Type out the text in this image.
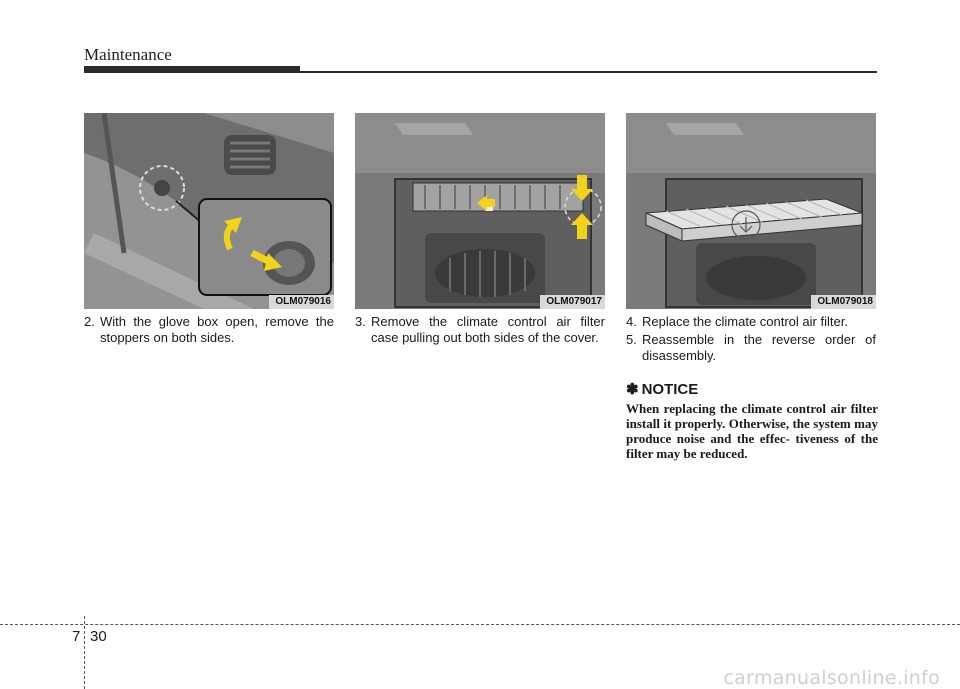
Maintenance
OLM079016	OLM079017	OLM079018

2. With the glove box open, remove the stoppers on both sides.

3. Remove the climate control air filter case pulling out both sides of the cover.

4. Replace the climate control air filter.

5. Reassemble in the reverse order of disassembly.

✽ NOTICE

When replacing the climate control air filter install it properly. Otherwise, the system may produce noise and the effec- tiveness of the filter may be reduced.

7 30
carmanualsonline.info
